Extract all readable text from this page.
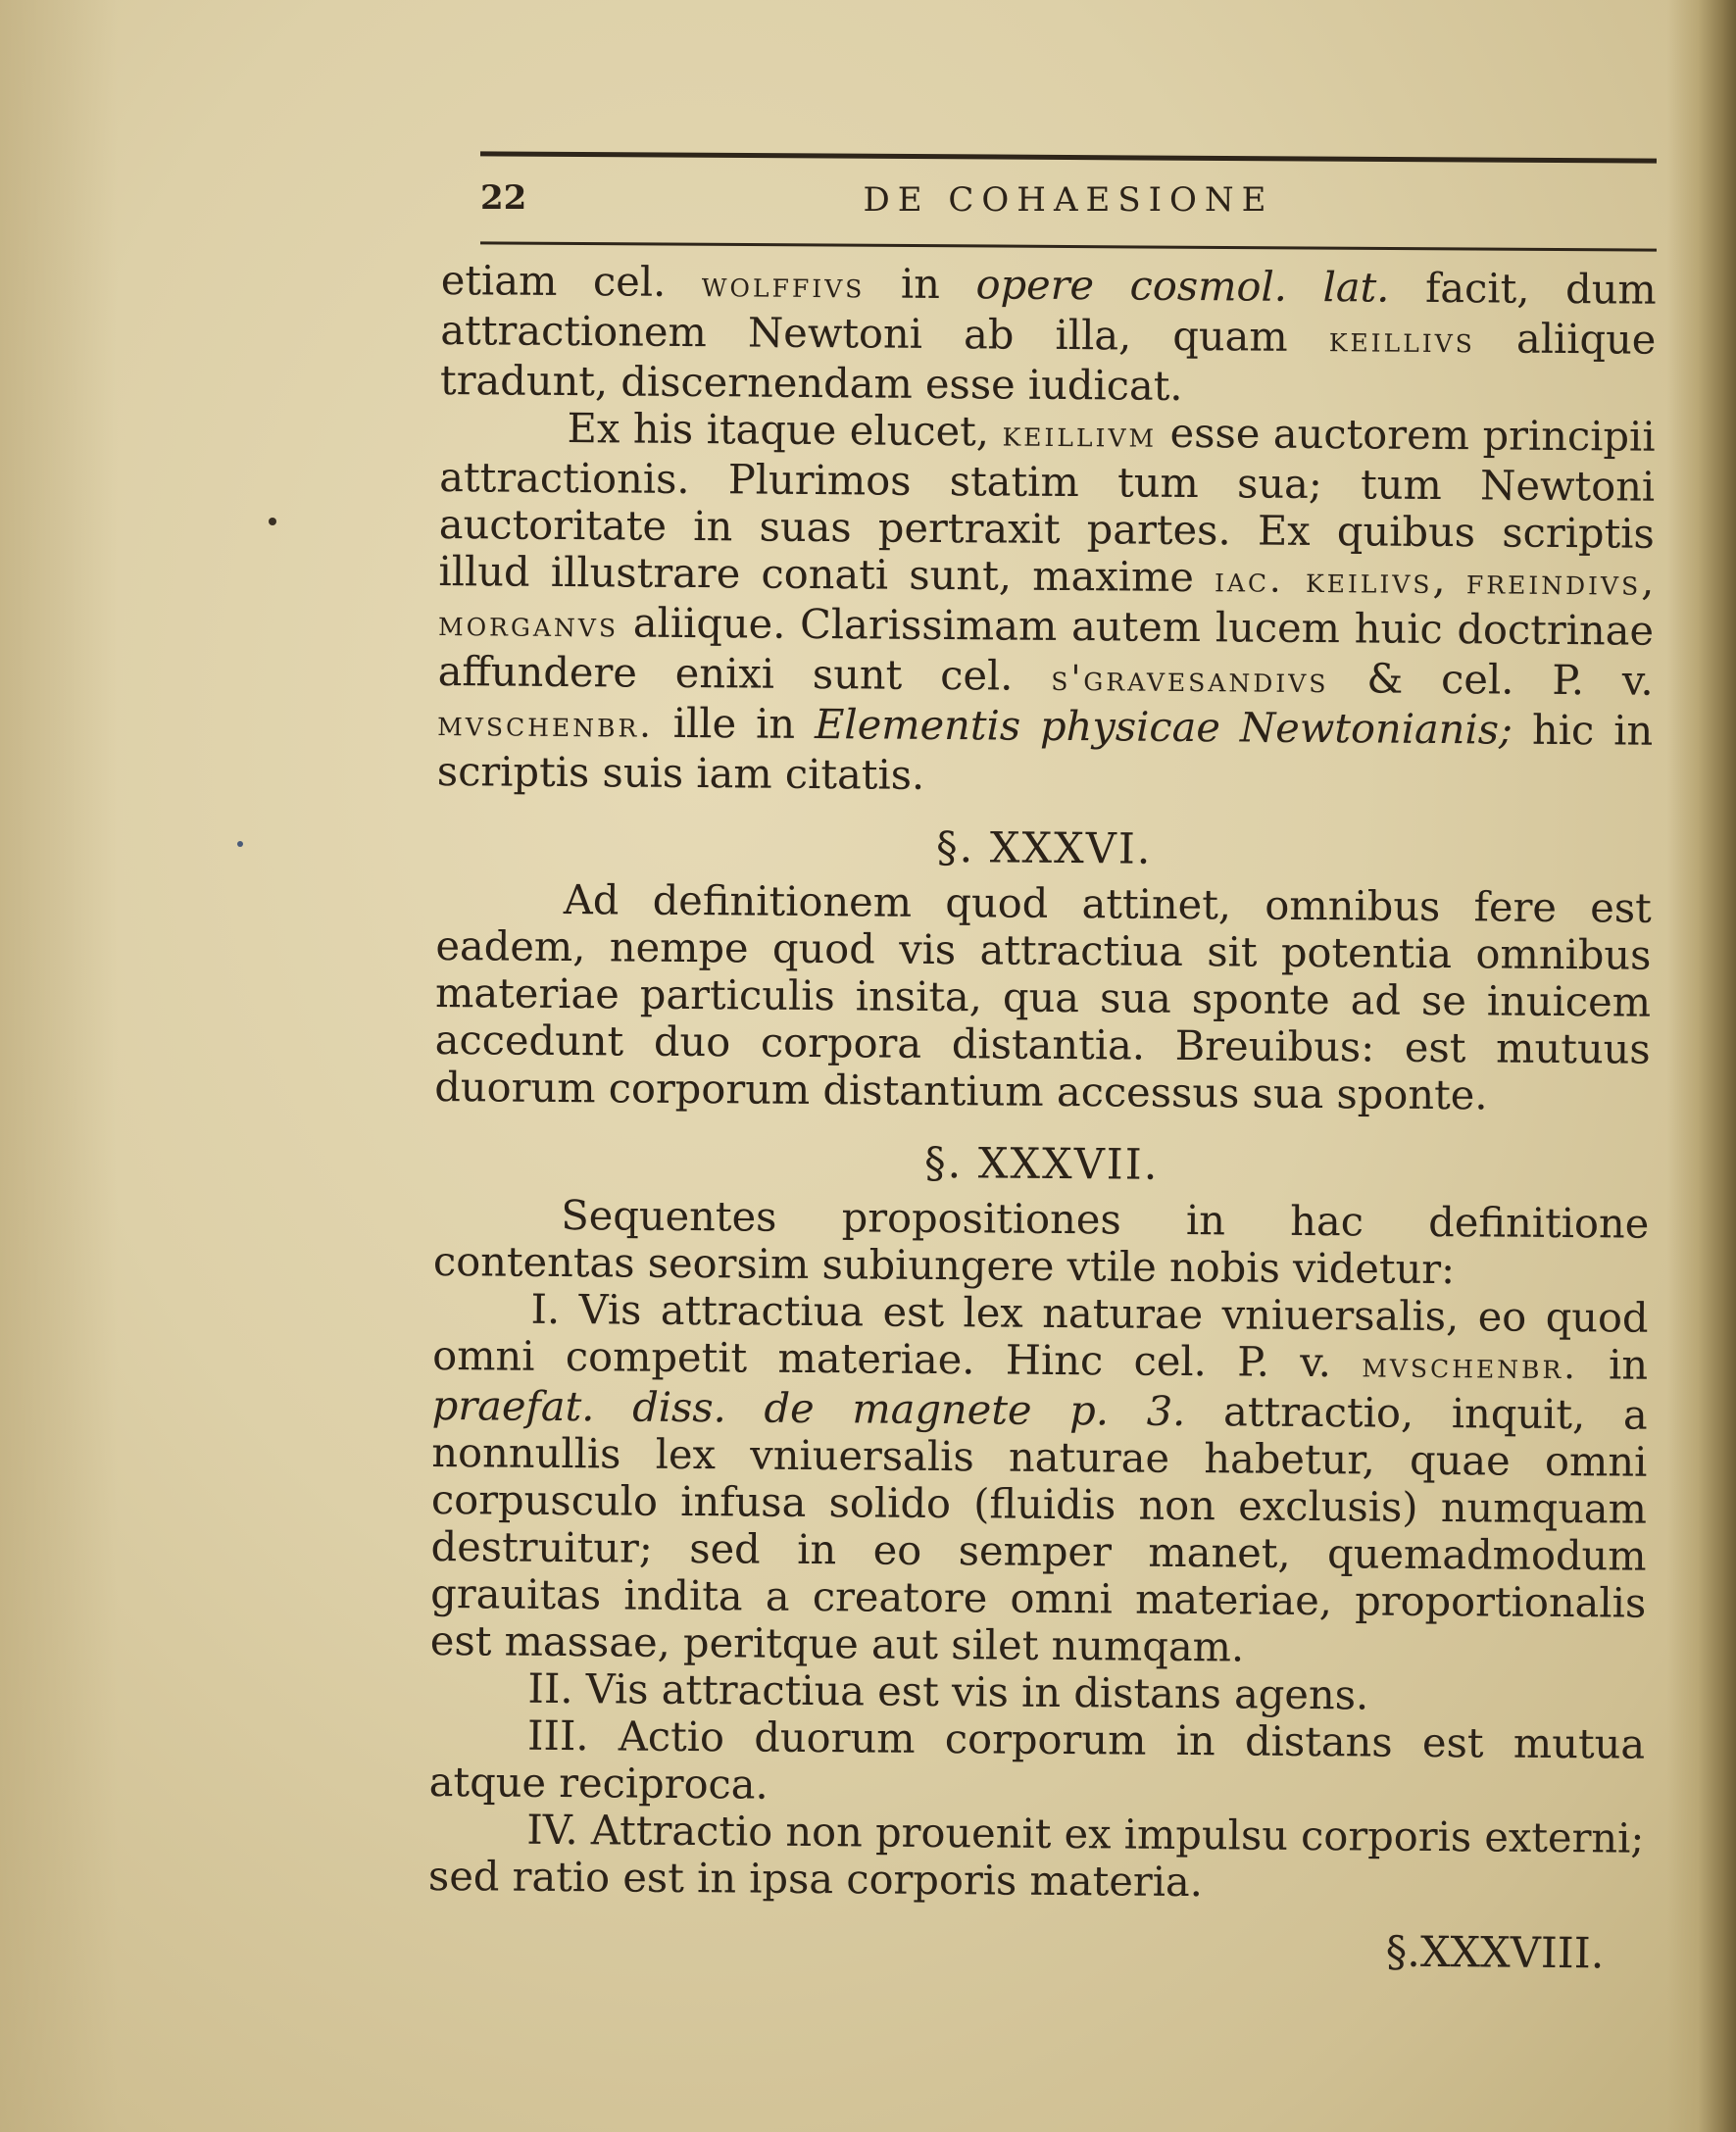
22	DE COHAESIONE

etiam cel. wolffivs in opere cosmol. lat. facit, dum attractionem Newtoni ab illa, quam keillivs aliique tradunt, discernendam esse iudicat.

Ex his itaque elucet, keillivm esse auctorem principii attractionis. Plurimos statim tum sua; tum Newtoni auctoritate in suas pertraxit partes. Ex quibus scriptis illud illustrare conati sunt, maxime iac. keilivs, freindivs, morganvs aliique. Clarissimam autem lucem huic doctrinae affundere enixi sunt cel. s'gravesandivs & cel. P. v. mvschenbr. ille in Elementis physicae Newtonianis; hic in scriptis suis iam citatis.

§. XXXVI.

Ad definitionem quod attinet, omnibus fere est eadem, nempe quod vis attractiua sit potentia omnibus materiae particulis insita, qua sua sponte ad se inuicem accedunt duo corpora distantia. Breuibus: est mutuus duorum corporum distantium accessus sua sponte.

§. XXXVII.

Sequentes propositiones in hac definitione contentas seorsim subiungere vtile nobis videtur:

I. Vis attractiua est lex naturae vniuersalis, eo quod omni competit materiae. Hinc cel. P. v. mvschenbr. in praefat. diss. de magnete p. 3. attractio, inquit, a nonnullis lex vniuersalis naturae habetur, quae omni corpusculo infusa solido (fluidis non exclusis) numquam destruitur; sed in eo semper manet, quemadmodum grauitas indita a creatore omni materiae, proportionalis est massae, peritque aut silet numqam.

II. Vis attractiua est vis in distans agens.

III. Actio duorum corporum in distans est mutua atque reciproca.

IV. Attractio non prouenit ex impulsu corporis externi; sed ratio est in ipsa corporis materia.

§.XXXVIII.
